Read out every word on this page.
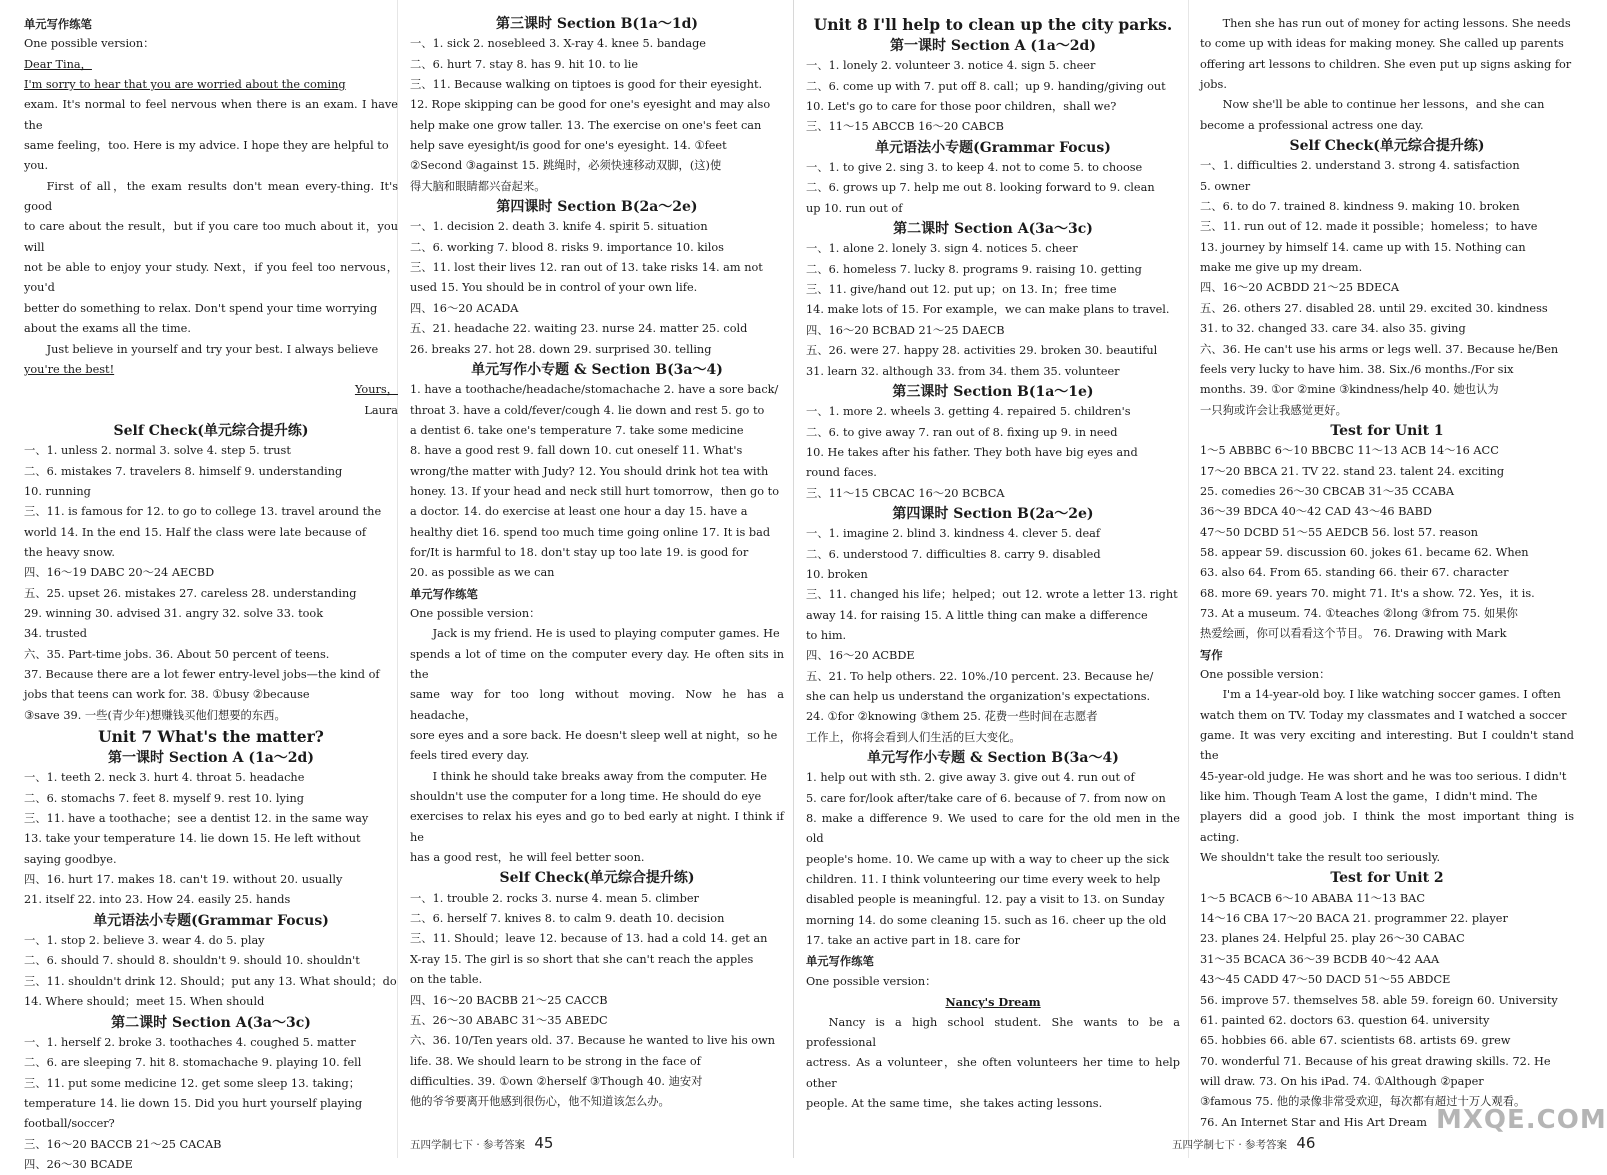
单元写作练笔

One possible version：

Dear Tina，

I'm sorry to hear that you are worried about the coming

exam. It's normal to feel nervous when there is an exam. I have the

same feeling，too. Here is my advice. I hope they are helpful to

you.

First of all，the exam results don't mean every-thing. It's good

to care about the result，but if you care too much about it，you will

not be able to enjoy your study. Next，if you feel too nervous，you'd

better do something to relax. Don't spend your time worrying

about the exams all the time.

Just believe in yourself and try your best. I always believe

you're the best!

Yours，

Laura

Self Check(单元综合提升练)

一、1. unless 2. normal 3. solve 4. step 5. trust

二、6. mistakes 7. travelers 8. himself 9. understanding

10. running

三、11. is famous for 12. to go to college 13. travel around the

world 14. In the end 15. Half the class were late because of

the heavy snow.

四、16～19 DABC 20～24 AECBD

五、25. upset 26. mistakes 27. careless 28. understanding

29. winning 30. advised 31. angry 32. solve 33. took

34. trusted

六、35. Part-time jobs. 36. About 50 percent of teens.

37. Because there are a lot fewer entry-level jobs—the kind of

jobs that teens can work for. 38. ①busy ②because

③save 39. 一些(青少年)想赚钱买他们想要的东西。

Unit 7 What's the matter?

第一课时 Section A (1a～2d)

一、1. teeth 2. neck 3. hurt 4. throat 5. headache

二、6. stomachs 7. feet 8. myself 9. rest 10. lying

三、11. have a toothache；see a dentist 12. in the same way

13. take your temperature 14. lie down 15. He left without

saying goodbye.

四、16. hurt 17. makes 18. can't 19. without 20. usually

21. itself 22. into 23. How 24. easily 25. hands

单元语法小专题(Grammar Focus)

一、1. stop 2. believe 3. wear 4. do 5. play

二、6. should 7. should 8. shouldn't 9. should 10. shouldn't

三、11. shouldn't drink 12. Should；put any 13. What should；do

14. Where should；meet 15. When should

第二课时 Section A(3a～3c)

一、1. herself 2. broke 3. toothaches 4. coughed 5. matter

二、6. are sleeping 7. hit 8. stomachache 9. playing 10. fell

三、11. put some medicine 12. get some sleep 13. taking；

temperature 14. lie down 15. Did you hurt yourself playing

football/soccer?

三、16～20 BACCB 21～25 CACAB

四、26～30 BCADE

第三课时 Section B(1a～1d)

一、1. sick 2. nosebleed 3. X-ray 4. knee 5. bandage

二、6. hurt 7. stay 8. has 9. hit 10. to lie

三、11. Because walking on tiptoes is good for their eyesight.

12. Rope skipping can be good for one's eyesight and may also

help make one grow taller. 13. The exercise on one's feet can

help save eyesight/is good for one's eyesight. 14. ①feet

②Second ③against 15. 跳绳时，必须快速移动双脚，(这)使

得大脑和眼睛都兴奋起来。

第四课时 Section B(2a～2e)

一、1. decision 2. death 3. knife 4. spirit 5. situation

二、6. working 7. blood 8. risks 9. importance 10. kilos

三、11. lost their lives 12. ran out of 13. take risks 14. am not

used 15. You should be in control of your own life.

四、16～20 ACADA

五、21. headache 22. waiting 23. nurse 24. matter 25. cold

26. breaks 27. hot 28. down 29. surprised 30. telling

单元写作小专题 & Section B(3a～4)

1. have a toothache/headache/stomachache 2. have a sore back/

throat 3. have a cold/fever/cough 4. lie down and rest 5. go to

a dentist 6. take one's temperature 7. take some medicine

8. have a good rest 9. fall down 10. cut oneself 11. What's

wrong/the matter with Judy? 12. You should drink hot tea with

honey. 13. If your head and neck still hurt tomorrow，then go to

a doctor. 14. do exercise at least one hour a day 15. have a

healthy diet 16. spend too much time going online 17. It is bad

for/It is harmful to 18. don't stay up too late 19. is good for

20. as possible as we can

单元写作练笔

One possible version：

Jack is my friend. He is used to playing computer games. He

spends a lot of time on the computer every day. He often sits in the

same way for too long without moving. Now he has a headache，

sore eyes and a sore back. He doesn't sleep well at night，so he

feels tired every day.

I think he should take breaks away from the computer. He

shouldn't use the computer for a long time. He should do eye

exercises to relax his eyes and go to bed early at night. I think if he

has a good rest，he will feel better soon.

Self Check(单元综合提升练)

一、1. trouble 2. rocks 3. nurse 4. mean 5. climber

二、6. herself 7. knives 8. to calm 9. death 10. decision

三、11. Should；leave 12. because of 13. had a cold 14. get an

X-ray 15. The girl is so short that she can't reach the apples

on the table.

四、16～20 BACBB 21～25 CACCB

五、26～30 ABABC 31～35 ABEDC

六、36. 10/Ten years old. 37. Because he wanted to live his own

life. 38. We should learn to be strong in the face of

difficulties. 39. ①own ②herself ③Though 40. 迪安对

他的爷爷要离开他感到很伤心，他不知道该怎么办。

Unit 8 I'll help to clean up the city parks.

第一课时 Section A (1a～2d)

一、1. lonely 2. volunteer 3. notice 4. sign 5. cheer

二、6. come up with 7. put off 8. call；up 9. handing/giving out

10. Let's go to care for those poor children，shall we?

三、11～15 ABCCB 16～20 CABCB

单元语法小专题(Grammar Focus)

一、1. to give 2. sing 3. to keep 4. not to come 5. to choose

二、6. grows up 7. help me out 8. looking forward to 9. clean

up 10. run out of

第二课时 Section A(3a～3c)

一、1. alone 2. lonely 3. sign 4. notices 5. cheer

二、6. homeless 7. lucky 8. programs 9. raising 10. getting

三、11. give/hand out 12. put up；on 13. In；free time

14. make lots of 15. For example，we can make plans to travel.

四、16～20 BCBAD 21～25 DAECB

五、26. were 27. happy 28. activities 29. broken 30. beautiful

31. learn 32. although 33. from 34. them 35. volunteer

第三课时 Section B(1a～1e)

一、1. more 2. wheels 3. getting 4. repaired 5. children's

二、6. to give away 7. ran out of 8. fixing up 9. in need

10. He takes after his father. They both have big eyes and

round faces.

三、11～15 CBCAC 16～20 BCBCA

第四课时 Section B(2a～2e)

一、1. imagine 2. blind 3. kindness 4. clever 5. deaf

二、6. understood 7. difficulties 8. carry 9. disabled

10. broken

三、11. changed his life；helped；out 12. wrote a letter 13. right

away 14. for raising 15. A little thing can make a difference

to him.

四、16～20 ACBDE

五、21. To help others. 22. 10%./10 percent. 23. Because he/

she can help us understand the organization's expectations.

24. ①for ②knowing ③them 25. 花费一些时间在志愿者

工作上，你将会看到人们生活的巨大变化。

单元写作小专题 & Section B(3a～4)

1. help out with sth. 2. give away 3. give out 4. run out of

5. care for/look after/take care of 6. because of 7. from now on

8. make a difference 9. We used to care for the old men in the old

people's home. 10. We came up with a way to cheer up the sick

children. 11. I think volunteering our time every week to help

disabled people is meaningful. 12. pay a visit to 13. on Sunday

morning 14. do some cleaning 15. such as 16. cheer up the old

17. take an active part in 18. care for

单元写作练笔

One possible version：

Nancy's Dream

Nancy is a high school student. She wants to be a professional

actress. As a volunteer，she often volunteers her time to help other

people. At the same time，she takes acting lessons.

Then she has run out of money for acting lessons. She needs

to come up with ideas for making money. She called up parents

offering art lessons to children. She even put up signs asking for

jobs.

Now she'll be able to continue her lessons，and she can

become a professional actress one day.

Self Check(单元综合提升练)

一、1. difficulties 2. understand 3. strong 4. satisfaction

5. owner

二、6. to do 7. trained 8. kindness 9. making 10. broken

三、11. run out of 12. made it possible；homeless；to have

13. journey by himself 14. came up with 15. Nothing can

make me give up my dream.

四、16～20 ACBDD 21～25 BDECA

五、26. others 27. disabled 28. until 29. excited 30. kindness

31. to 32. changed 33. care 34. also 35. giving

六、36. He can't use his arms or legs well. 37. Because he/Ben

feels very lucky to have him. 38. Six./6 months./For six

months. 39. ①or ②mine ③kindness/help 40. 她也认为

一只狗或许会让我感觉更好。

Test for Unit 1

1～5 ABBBC 6～10 BBCBC 11～13 ACB 14～16 ACC

17～20 BBCA 21. TV 22. stand 23. talent 24. exciting

25. comedies 26～30 CBCAB 31～35 CCABA

36～39 BDCA 40～42 CAD 43～46 BABD

47～50 DCBD 51～55 AEDCB 56. lost 57. reason

58. appear 59. discussion 60. jokes 61. became 62. When

63. also 64. From 65. standing 66. their 67. character

68. more 69. years 70. might 71. It's a show. 72. Yes，it is.

73. At a museum. 74. ①teaches ②long ③from 75. 如果你

热爱绘画，你可以看看这个节目。 76. Drawing with Mark

写作

One possible version：

I'm a 14-year-old boy. I like watching soccer games. I often

watch them on TV. Today my classmates and I watched a soccer

game. It was very exciting and interesting. But I couldn't stand the

45-year-old judge. He was short and he was too serious. I didn't

like him. Though Team A lost the game，I didn't mind. The

players did a good job. I think the most important thing is acting.

We shouldn't take the result too seriously.

Test for Unit 2

1～5 BCACB 6～10 ABABA 11～13 BAC

14～16 CBA 17～20 BACA 21. programmer 22. player

23. planes 24. Helpful 25. play 26～30 CABAC

31～35 BCACA 36～39 BCDB 40～42 AAA

43～45 CADD 47～50 DACD 51～55 ABDCE

56. improve 57. themselves 58. able 59. foreign 60. University

61. painted 62. doctors 63. question 64. university

65. hobbies 66. able 67. scientists 68. artists 69. grew

70. wonderful 71. Because of his great drawing skills. 72. He

will draw. 73. On his iPad. 74. ①Although ②paper

③famous 75. 他的录像非常受欢迎，每次都有超过十万人观看。

76. An Internet Star and His Art Dream

五四学制七下 · 参考答案 45	五四学制七下 · 参考答案 46
MXQE.COM
